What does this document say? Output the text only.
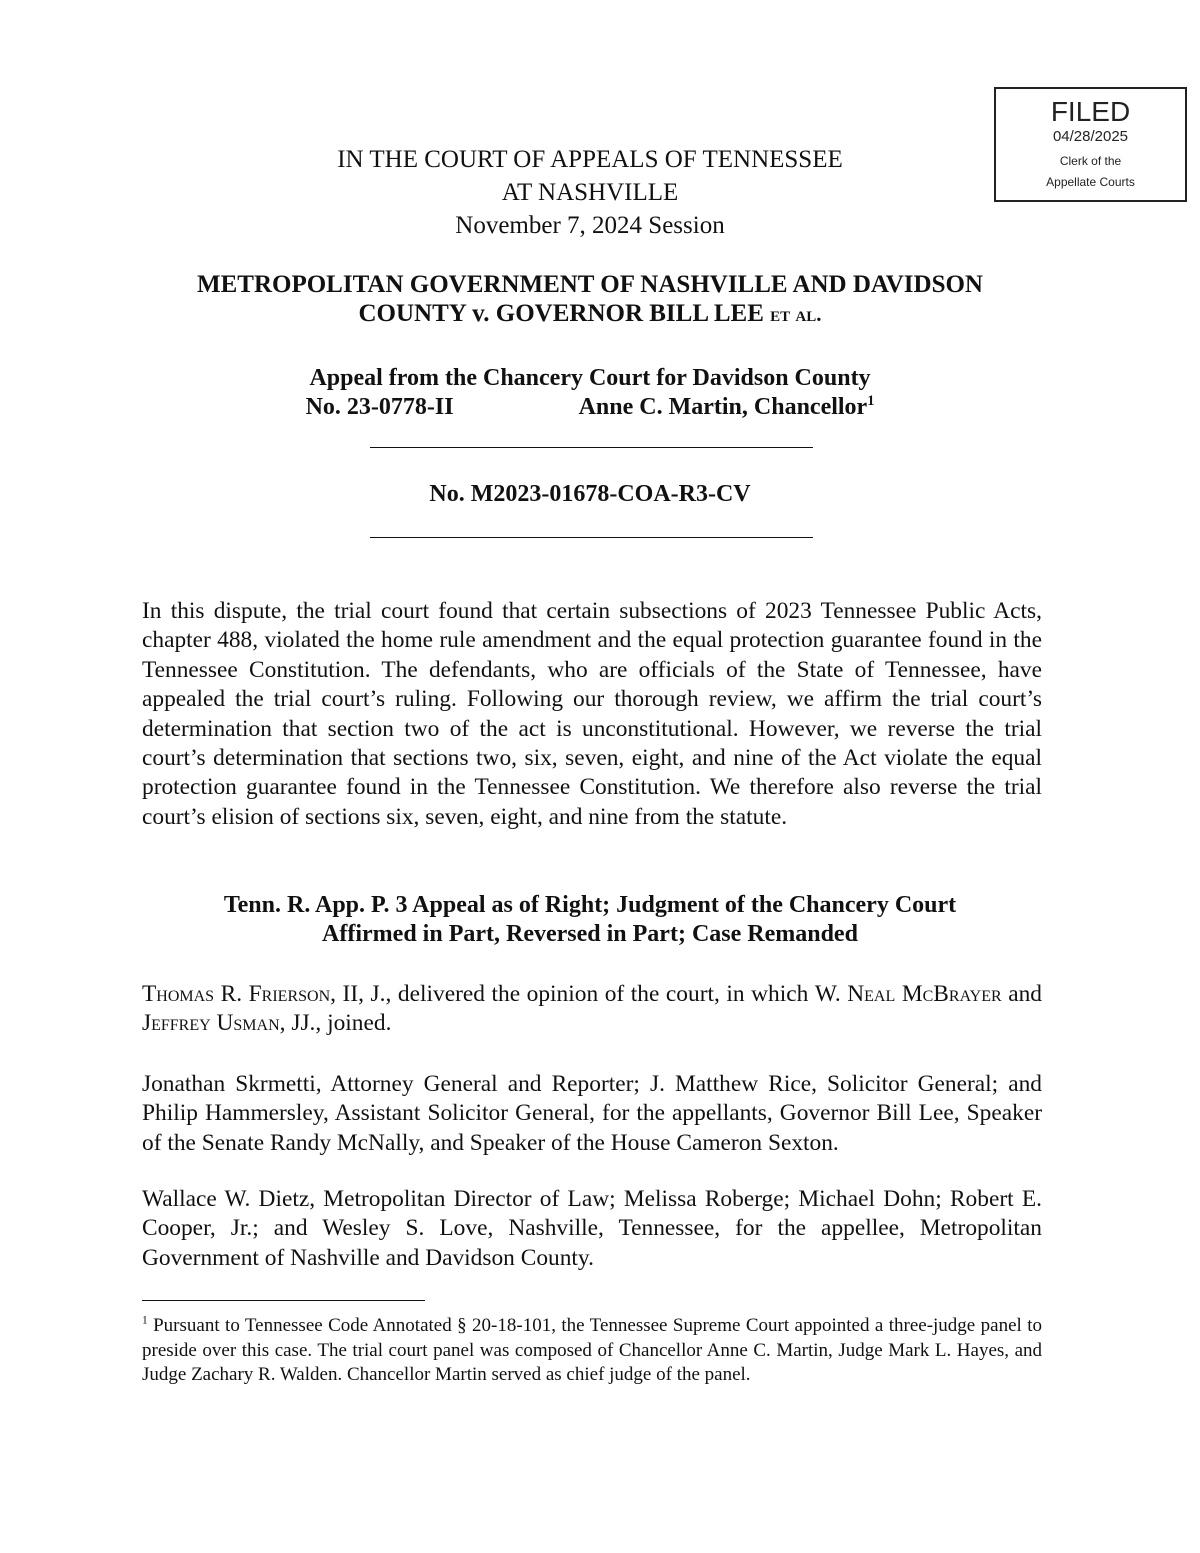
FILED
04/28/2025
Clerk of the
Appellate Courts
IN THE COURT OF APPEALS OF TENNESSEE
AT NASHVILLE
November 7, 2024 Session
METROPOLITAN GOVERNMENT OF NASHVILLE AND DAVIDSON
COUNTY v. GOVERNOR BILL LEE et al.
Appeal from the Chancery Court for Davidson County
No. 23-0778-II	Anne C. Martin, Chancellor$^1$
No. M2023-01678-COA-R3-CV
In this dispute, the trial court found that certain subsections of 2023 Tennessee Public Acts, chapter 488, violated the home rule amendment and the equal protection guarantee found in the Tennessee Constitution. The defendants, who are officials of the State of Tennessee, have appealed the trial court’s ruling. Following our thorough review, we affirm the trial court’s determination that section two of the act is unconstitutional. However, we reverse the trial court’s determination that sections two, six, seven, eight, and nine of the Act violate the equal protection guarantee found in the Tennessee Constitution. We therefore also reverse the trial court’s elision of sections six, seven, eight, and nine from the statute.
Tenn. R. App. P. 3 Appeal as of Right; Judgment of the Chancery Court
Affirmed in Part, Reversed in Part; Case Remanded
Thomas R. Frierson, II, J., delivered the opinion of the court, in which W. Neal McBrayer and Jeffrey Usman, JJ., joined.
Jonathan Skrmetti, Attorney General and Reporter; J. Matthew Rice, Solicitor General; and Philip Hammersley, Assistant Solicitor General, for the appellants, Governor Bill Lee, Speaker of the Senate Randy McNally, and Speaker of the House Cameron Sexton.
Wallace W. Dietz, Metropolitan Director of Law; Melissa Roberge; Michael Dohn; Robert E. Cooper, Jr.; and Wesley S. Love, Nashville, Tennessee, for the appellee, Metropolitan Government of Nashville and Davidson County.
$^1$ Pursuant to Tennessee Code Annotated § 20-18-101, the Tennessee Supreme Court appointed a three-judge panel to preside over this case. The trial court panel was composed of Chancellor Anne C. Martin, Judge Mark L. Hayes, and Judge Zachary R. Walden. Chancellor Martin served as chief judge of the panel.
